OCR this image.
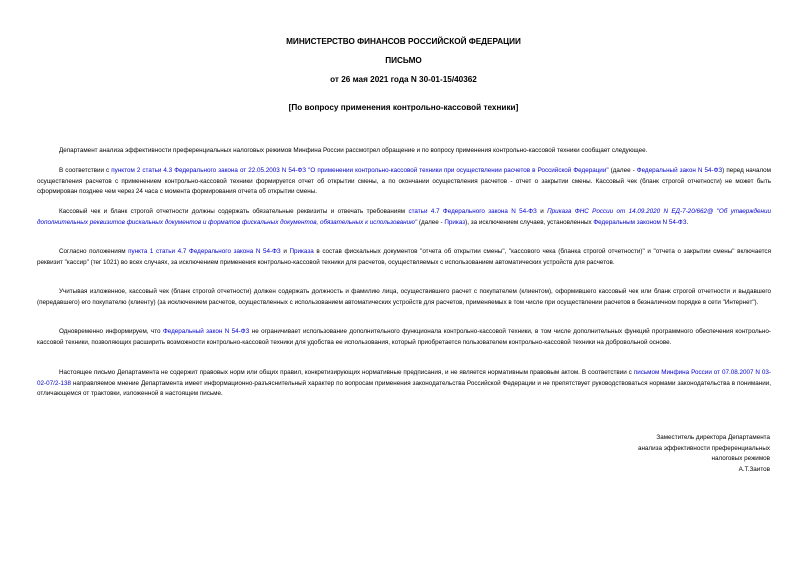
МИНИСТЕРСТВО ФИНАНСОВ РОССИЙСКОЙ ФЕДЕРАЦИИ
ПИСЬМО
от 26 мая 2021 года N 30-01-15/40362
[По вопросу применения контрольно-кассовой техники]

Департамент анализа эффективности преференциальных налоговых режимов Минфина России рассмотрел обращение и по вопросу применения контрольно-кассовой техники сообщает следующее.

В соответствии с пунктом 2 статьи 4.3 Федерального закона от 22.05.2003 N 54-ФЗ "О применении контрольно-кассовой техники при осуществлении расчетов в Российской Федерации" (далее - Федеральный закон N 54-ФЗ) перед началом осуществления расчетов с применением контрольно-кассовой техники формируется отчет об открытии смены, а по окончании осуществления расчетов - отчет о закрытии смены. Кассовый чек (бланк строгой отчетности) не может быть сформирован позднее чем через 24 часа с момента формирования отчета об открытии смены.

Кассовый чек и бланк строгой отчетности должны содержать обязательные реквизиты и отвечать требованиям статьи 4.7 Федерального закона N 54-ФЗ и Приказа ФНС России от 14.09.2020 N ЕД-7-20/662@ "Об утверждении дополнительных реквизитов фискальных документов и форматов фискальных документов, обязательных к использованию" (далее - Приказ), за исключением случаев, установленных Федеральным законом N 54-ФЗ.

Согласно положениям пункта 1 статьи 4.7 Федерального закона N 54-ФЗ и Приказа в состав фискальных документов "отчета об открытии смены", "кассового чека (бланка строгой отчетности)" и "отчета о закрытии смены" включается реквизит "кассир" (тег 1021) во всех случаях, за исключением применения контрольно-кассовой техники для расчетов, осуществляемых с использованием автоматических устройств для расчетов.

Учитывая изложенное, кассовый чек (бланк строгой отчетности) должен содержать должность и фамилию лица, осуществившего расчет с покупателем (клиентом), оформившего кассовый чек или бланк строгой отчетности и выдавшего (передавшего) его покупателю (клиенту) (за исключением расчетов, осуществленных с использованием автоматических устройств для расчетов, применяемых в том числе при осуществлении расчетов в безналичном порядке в сети "Интернет").

Одновременно информируем, что Федеральный закон N 54-ФЗ не ограничивает использование дополнительного функционала контрольно-кассовой техники, в том числе дополнительных функций программного обеспечения контрольно-кассовой техники, позволяющих расширить возможности контрольно-кассовой техники для удобства ее использования, который приобретается пользователем контрольно-кассовой техники на добровольной основе.

Настоящее письмо Департамента не содержит правовых норм или общих правил, конкретизирующих нормативные предписания, и не является нормативным правовым актом. В соответствии с письмом Минфина России от 07.08.2007 N 03-02-07/2-138 направляемое мнение Департамента имеет информационно-разъяснительный характер по вопросам применения законодательства Российской Федерации и не препятствует руководствоваться нормами законодательства в понимании, отличающемся от трактовки, изложенной в настоящем письме.

Заместитель директора Департамента
анализа эффективности преференциальных
налоговых режимов
А.Т.Заитов
